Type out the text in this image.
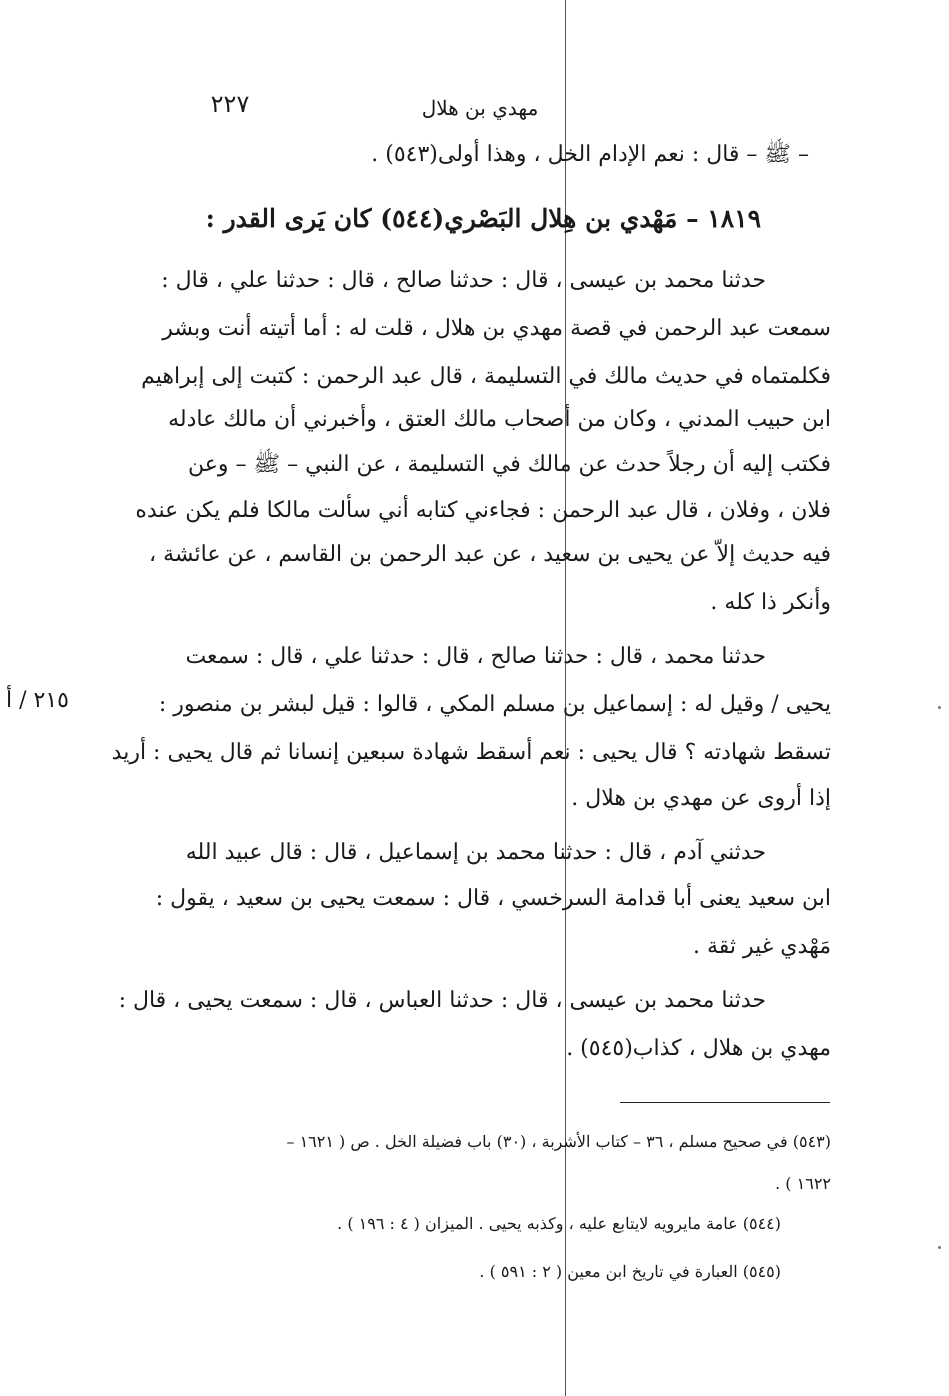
مهدي بن هلال
٢٢٧
– ﷺ – قال : نعم الإدام الخل ، وهذا أولى(٥٤٣) .
١٨١٩ – مَهْدي بن هِلال البَصْري(٥٤٤) كان يَرى القدر :
حدثنا محمد بن عيسى ، قال : حدثنا صالح ، قال : حدثنا علي ، قال :
سمعت عبد الرحمن في قصة مهدي بن هلال ، قلت له : أما أتيته أنت وبشر
فكلمتماه في حديث مالك في التسليمة ، قال عبد الرحمن : كتبت إلى إبراهيم
ابن حبيب المدني ، وكان من أصحاب مالك العتق ، وأخبرني أن مالك عادله
فكتب إليه أن رجلاً حدث عن مالك في التسليمة ، عن النبي – ﷺ – وعن
فلان ، وفلان ، قال عبد الرحمن : فجاءني كتابه أني سألت مالكا فلم يكن عنده
فيه حديث إلاّ عن يحيى بن سعيد ، عن عبد الرحمن بن القاسم ، عن عائشة ،
وأنكر ذا كله .
حدثنا محمد ، قال : حدثنا صالح ، قال : حدثنا علي ، قال : سمعت
يحيى / وقيل له : إسماعيل بن مسلم المكي ، قالوا : قيل لبشر بن منصور :
تسقط شهادته ؟ قال يحيى : نعم أسقط شهادة سبعين إنسانا ثم قال يحيى : أريد
إذا أروى عن مهدي بن هلال .
٢١٥ / أ
حدثني آدم ، قال : حدثنا محمد بن إسماعيل ، قال : قال عبيد الله
ابن سعيد يعنى أبا قدامة السرخسي ، قال : سمعت يحيى بن سعيد ، يقول :
مَهْدي غير ثقة .
حدثنا محمد بن عيسى ، قال : حدثنا العباس ، قال : سمعت يحيى ، قال :
مهدي بن هلال ، كذاب(٥٤٥) .
(٥٤٣) في صحيح مسلم ، ٣٦ – كتاب الأشربة ، (٣٠) باب فضيلة الخل . ص ( ١٦٢١ –
١٦٢٢ ) .
(٥٤٤) عامة مايرويه لايتابع عليه ، وكذبه يحيى . الميزان ( ٤ : ١٩٦ ) .
(٥٤٥) العبارة في تاريخ ابن معين ( ٢ : ٥٩١ ) .
